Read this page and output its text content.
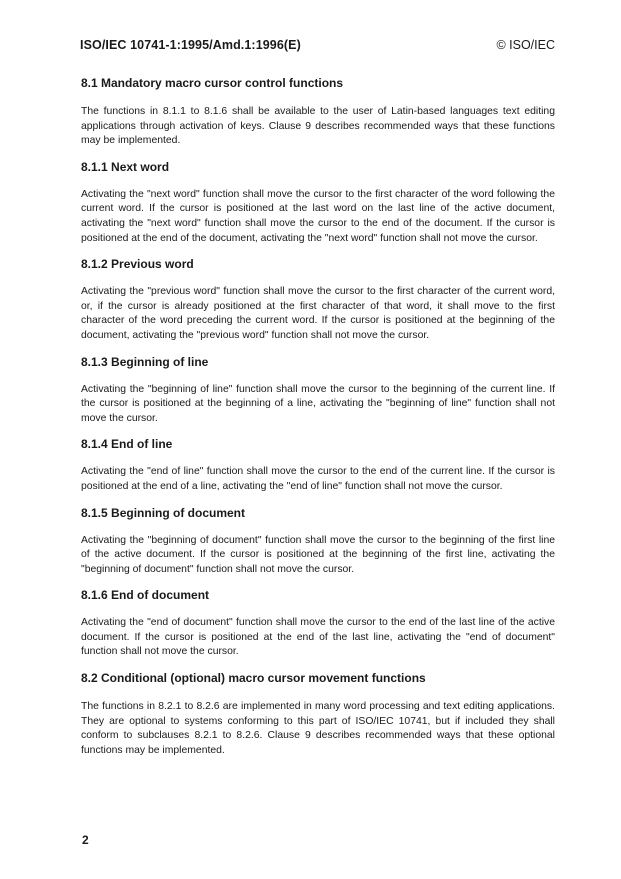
ISO/IEC 10741-1:1995/Amd.1:1996(E)	© ISO/IEC
8.1 Mandatory macro cursor control functions

The functions in 8.1.1 to 8.1.6 shall be available to the user of Latin-based languages text editing applications through activation of keys. Clause 9 describes recommended ways that these functions may be implemented.

8.1.1 Next word

Activating the "next word" function shall move the cursor to the first character of the word following the current word. If the cursor is positioned at the last word on the last line of the active document, activating the "next word" function shall move the cursor to the end of the document. If the cursor is positioned at the end of the document, activating the "next word" function shall not move the cursor.

8.1.2 Previous word

Activating the "previous word" function shall move the cursor to the first character of the current word, or, if the cursor is already positioned at the first character of that word, it shall move to the first character of the word preceding the current word. If the cursor is positioned at the beginning of the document, activating the "previous word" function shall not move the cursor.

8.1.3 Beginning of line

Activating the "beginning of line" function shall move the cursor to the beginning of the current line. If the cursor is positioned at the beginning of a line, activating the "beginning of line" function shall not move the cursor.

8.1.4 End of line

Activating the "end of line" function shall move the cursor to the end of the current line. If the cursor is positioned at the end of a line, activating the "end of line" function shall not move the cursor.

8.1.5 Beginning of document

Activating the "beginning of document" function shall move the cursor to the beginning of the first line of the active document. If the cursor is positioned at the beginning of the first line, activating the "beginning of document" function shall not move the cursor.

8.1.6 End of document

Activating the "end of document" function shall move the cursor to the end of the last line of the active document. If the cursor is positioned at the end of the last line, activating the "end of document" function shall not move the cursor.

8.2 Conditional (optional) macro cursor movement functions

The functions in 8.2.1 to 8.2.6 are implemented in many word processing and text editing applications. They are optional to systems conforming to this part of ISO/IEC 10741, but if included they shall conform to subclauses 8.2.1 to 8.2.6. Clause 9 describes recommended ways that these optional functions may be implemented.

2
